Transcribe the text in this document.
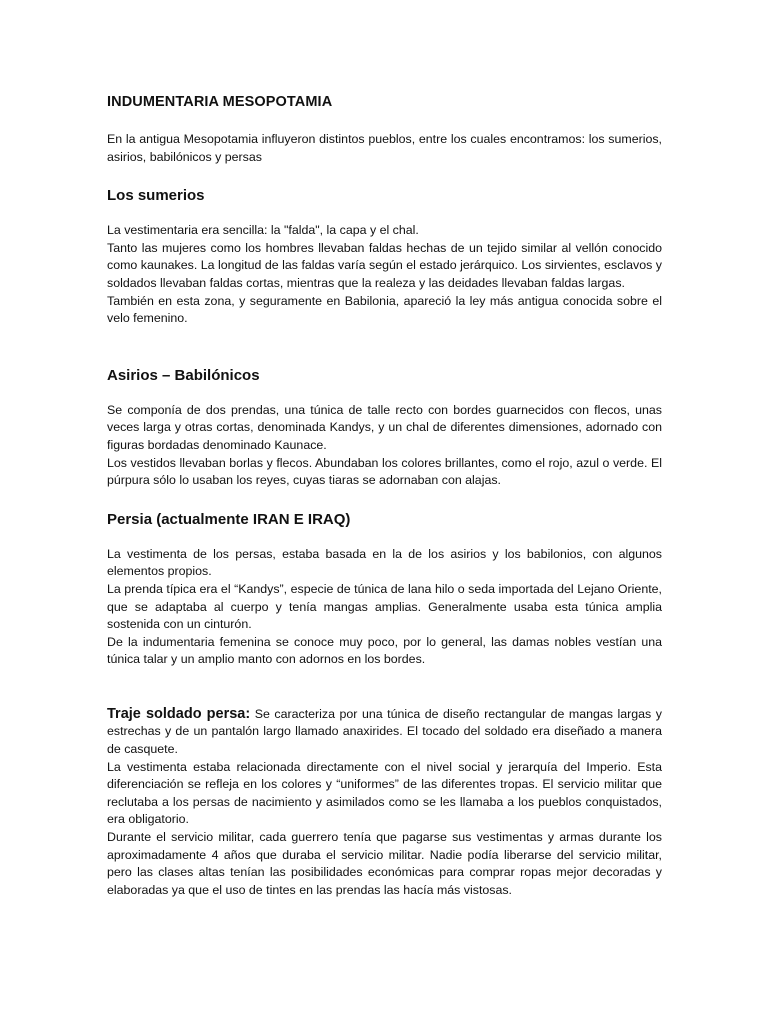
INDUMENTARIA MESOPOTAMIA

En la antigua Mesopotamia influyeron distintos pueblos, entre los cuales encontramos: los sumerios, asirios, babilónicos y persas

Los sumerios

La vestimentaria era sencilla: la "falda", la capa y el chal.

Tanto las mujeres como los hombres llevaban faldas hechas de un tejido similar al vellón conocido como kaunakes. La longitud de las faldas varía según el estado jerárquico. Los sirvientes, esclavos y soldados llevaban faldas cortas, mientras que la realeza y las deidades llevaban faldas largas.

También en esta zona, y seguramente en Babilonia, apareció la ley más antigua conocida sobre el velo femenino.

Asirios – Babilónicos

Se componía de dos prendas, una túnica de talle recto con bordes guarnecidos con flecos, unas veces larga y otras cortas, denominada Kandys, y un chal de diferentes dimensiones, adornado con figuras bordadas denominado Kaunace.

Los vestidos llevaban borlas y flecos. Abundaban los colores brillantes, como el rojo, azul o verde. El púrpura sólo lo usaban los reyes, cuyas tiaras se adornaban con alajas.

Persia (actualmente IRAN E IRAQ)

La vestimenta de los persas, estaba basada en la de los asirios y los babilonios, con algunos elementos propios.

La prenda típica era el “Kandys”, especie de túnica de lana hilo o seda importada del Lejano Oriente, que se adaptaba al cuerpo y tenía mangas amplias. Generalmente usaba esta túnica amplia sostenida con un cinturón.

De la indumentaria femenina se conoce muy poco, por lo general, las damas nobles vestían una túnica talar y un amplio manto con adornos en los bordes.

Traje soldado persa: Se caracteriza por una túnica de diseño rectangular de mangas largas y estrechas y de un pantalón largo llamado anaxirides. El tocado del soldado era diseñado a manera de casquete.

La vestimenta estaba relacionada directamente con el nivel social y jerarquía del Imperio. Esta diferenciación se refleja en los colores y “uniformes” de las diferentes tropas. El servicio militar que reclutaba a los persas de nacimiento y asimilados como se les llamaba a los pueblos conquistados, era obligatorio.

Durante el servicio militar, cada guerrero tenía que pagarse sus vestimentas y armas durante los aproximadamente 4 años que duraba el servicio militar. Nadie podía liberarse del servicio militar, pero las clases altas tenían las posibilidades económicas para comprar ropas mejor decoradas y elaboradas ya que el uso de tintes en las prendas las hacía más vistosas.
